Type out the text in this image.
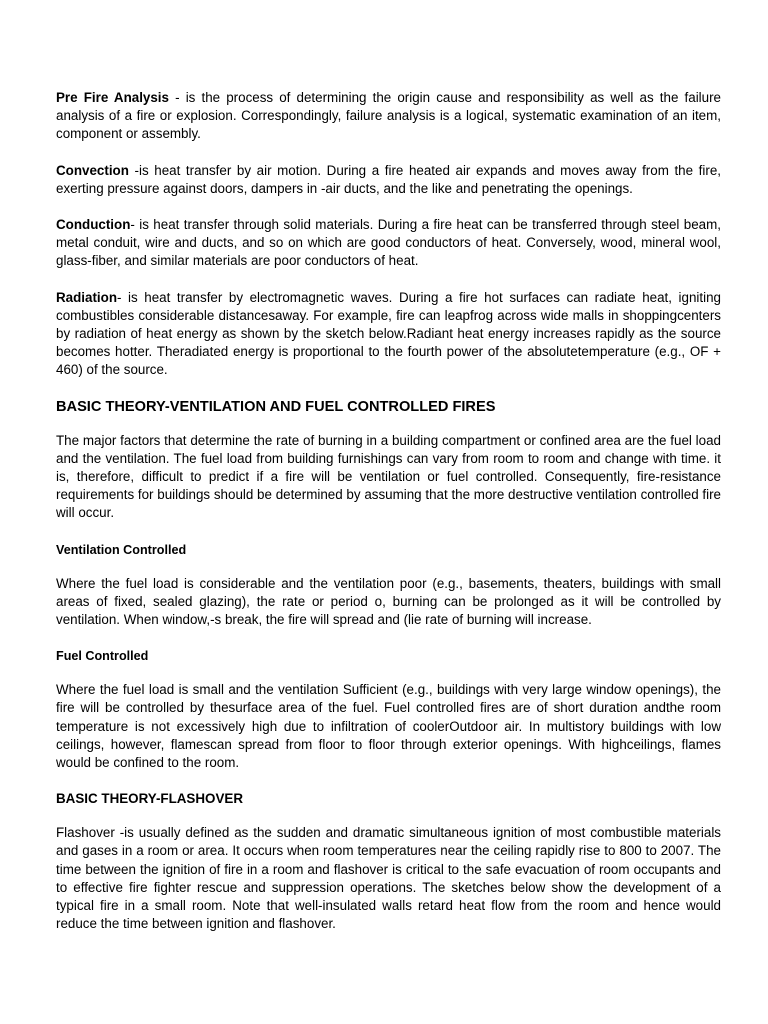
Pre Fire Analysis - is the process of determining the origin cause and responsibility as well as the failure analysis of a fire or explosion. Correspondingly, failure analysis is a logical, systematic examination of an item, component or assembly.

Convection -is heat transfer by air motion. During a fire heated air expands and moves away from the fire, exerting pressure against doors, dampers in -air ducts, and the like and penetrating the openings.

Conduction- is heat transfer through solid materials. During a fire heat can be transferred through steel beam, metal conduit, wire and ducts, and so on which are good conductors of heat. Conversely, wood, mineral wool, glass-fiber, and similar materials are poor conductors of heat.

Radiation- is heat transfer by electromagnetic waves. During a fire hot surfaces can radiate heat, igniting combustibles considerable distancesaway. For example, fire can leapfrog across wide malls in shoppingcenters by radiation of heat energy as shown by the sketch below.Radiant heat energy increases rapidly as the source becomes hotter. Theradiated energy is proportional to the fourth power of the absolutetemperature (e.g., OF + 460) of the source.

BASIC THEORY-VENTILATION AND FUEL CONTROLLED FIRES

The major factors that determine the rate of burning in a building compartment or confined area are the fuel load and the ventilation. The fuel load from building furnishings can vary from room to room and change with time. it is, therefore, difficult to predict if a fire will be ventilation or fuel controlled. Consequently, fire-resistance requirements for buildings should be determined by assuming that the more destructive ventilation controlled fire will occur.

Ventilation Controlled

Where the fuel load is considerable and the ventilation poor (e.g., basements, theaters, buildings with small areas of fixed, sealed glazing), the rate or period o, burning can be prolonged as it will be controlled by ventilation. When window,-s break, the fire will spread and (lie rate of burning will increase.

Fuel Controlled

Where the fuel load is small and the ventilation Sufficient (e.g., buildings with very large window openings), the fire will be controlled by thesurface area of the fuel. Fuel controlled fires are of short duration andthe room temperature is not excessively high due to infiltration of coolerOutdoor air. In multistory buildings with low ceilings, however, flamescan spread from floor to floor through exterior openings. With highceilings, flames would be confined to the room.

BASIC THEORY-FLASHOVER

Flashover -is usually defined as the sudden and dramatic simultaneous ignition of most combustible materials and gases in a room or area. It occurs when room temperatures near the ceiling rapidly rise to 800 to 2007. The time between the ignition of fire in a room and flashover is critical to the safe evacuation of room occupants and to effective fire fighter rescue and suppression operations. The sketches below show the development of a typical fire in a small room. Note that well-insulated walls retard heat flow from the room and hence would reduce the time between ignition and flashover.
